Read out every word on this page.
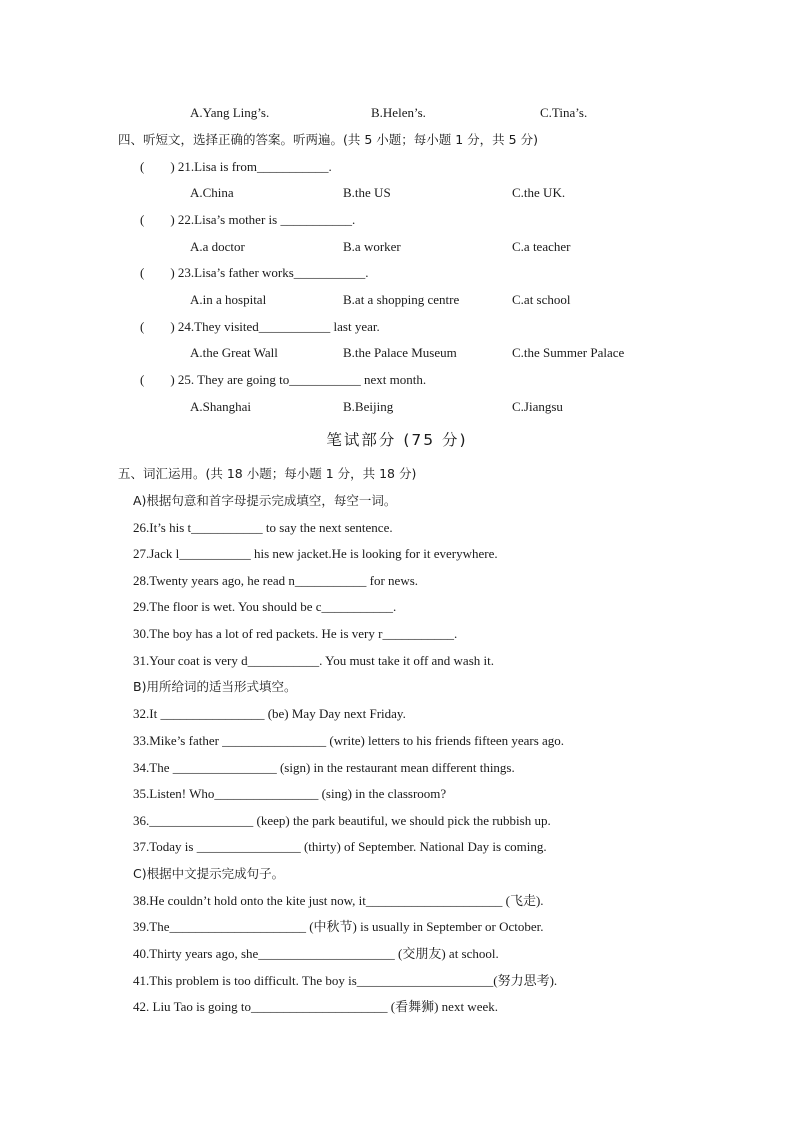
A.Yang Ling’s.	B.Helen’s.	C.Tina’s.
四、听短文，选择正确的答案。听两遍。(共 5 小题；每小题 1 分，共 5 分)
(　　) 21.Lisa is from___________.
A.China	B.the US	C.the UK.
(　　) 22.Lisa’s mother is ___________.
A.a doctor	B.a worker	C.a teacher
(　　) 23.Lisa’s father works___________.
A.in a hospital	B.at a shopping centre	C.at school
(　　) 24.They visited___________ last year.
A.the Great Wall	B.the Palace Museum	C.the Summer Palace
(　　) 25. They are going to___________ next month.
A.Shanghai	B.Beijing	C.Jiangsu
笔试部分 (75 分)
五、词汇运用。(共 18 小题；每小题 1 分，共 18 分)
A)根据句意和首字母提示完成填空，每空一词。
26.It’s his t___________ to say the next sentence.
27.Jack l___________ his new jacket.He is looking for it everywhere.
28.Twenty years ago, he read n___________ for news.
29.The floor is wet. You should be c___________.
30.The boy has a lot of red packets. He is very r___________.
31.Your coat is very d___________. You must take it off and wash it.
B)用所给词的适当形式填空。
32.It ________________ (be) May Day next Friday.
33.Mike’s father ________________ (write) letters to his friends fifteen years ago.
34.The ________________ (sign) in the restaurant mean different things.
35.Listen! Who________________ (sing) in the classroom?
36.________________ (keep) the park beautiful, we should pick the rubbish up.
37.Today is ________________ (thirty) of September. National Day is coming.
C)根据中文提示完成句子。
38.He couldn’t hold onto the kite just now, it_____________________ (飞走).
39.The_____________________ (中秋节) is usually in September or October.
40.Thirty years ago, she_____________________ (交朋友) at school.
41.This problem is too difficult. The boy is_____________________(努力思考).
42. Liu Tao is going to_____________________ (看舞狮) next week.
